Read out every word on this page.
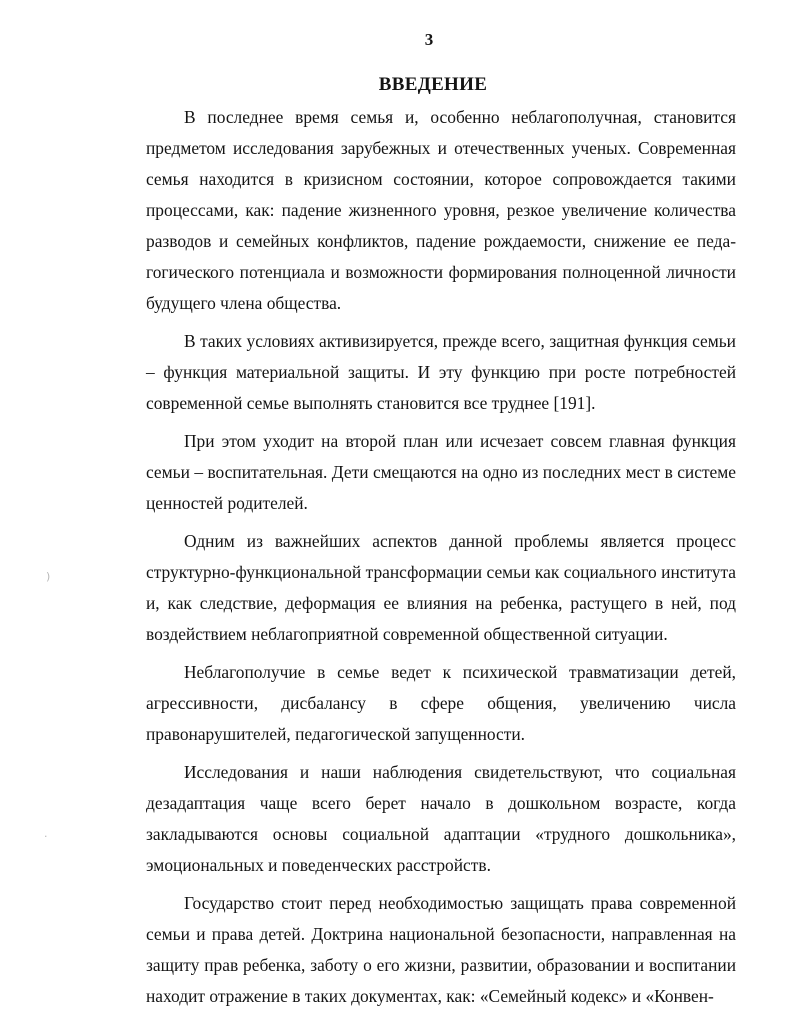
3
ВВЕДЕНИЕ

В последнее время семья и, особенно неблагополучная, становится предметом исследования зарубежных и отечественных ученых. Современная семья находится в кризисном состоянии, которое сопровождается такими процессами, как: падение жизненного уровня, резкое увеличение количества разводов и семейных конфликтов, падение рождаемости, снижение ее педагогического потенциала и возможности формирования полноценной личности будущего члена общества.

В таких условиях активизируется, прежде всего, защитная функция семьи – функция материальной защиты. И эту функцию при росте потребностей современной семье выполнять становится все труднее [191].

При этом уходит на второй план или исчезает совсем главная функция семьи – воспитательная. Дети смещаются на одно из последних мест в системе ценностей родителей.

Одним из важнейших аспектов данной проблемы является процесс структурно-функциональной трансформации семьи как социального института и, как следствие, деформация ее влияния на ребенка, растущего в ней, под воздействием неблагоприятной современной общественной ситуации.

Неблагополучие в семье ведет к психической травматизации детей, агрессивности, дисбалансу в сфере общения, увеличению числа правонарушителей, педагогической запущенности.

Исследования и наши наблюдения свидетельствуют, что социальная дезадаптация чаще всего берет начало в дошкольном возрасте, когда закладываются основы социальной адаптации «трудного дошкольника», эмоциональных и поведенческих расстройств.

Государство стоит перед необходимостью защищать права современной семьи и права детей. Доктрина национальной безопасности, направленная на защиту прав ребенка, заботу о его жизни, развитии, образовании и воспитании находит отражение в таких документах, как: «Семейный кодекс» и «Конвен-

)
·
